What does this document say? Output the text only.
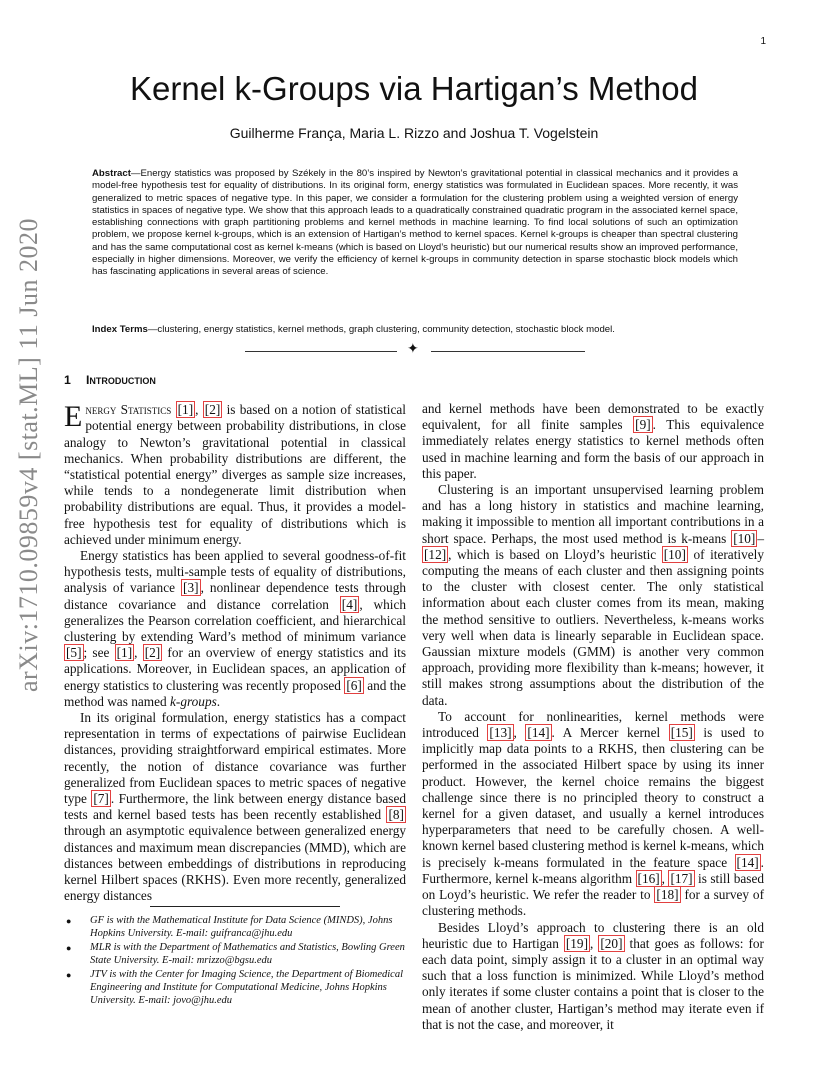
1
arXiv:1710.09859v4 [stat.ML] 11 Jun 2020
Kernel k-Groups via Hartigan’s Method
Guilherme França, Maria L. Rizzo and Joshua T. Vogelstein
Abstract—Energy statistics was proposed by Székely in the 80’s inspired by Newton’s gravitational potential in classical mechanics and it provides a model-free hypothesis test for equality of distributions. In its original form, energy statistics was formulated in Euclidean spaces. More recently, it was generalized to metric spaces of negative type. In this paper, we consider a formulation for the clustering problem using a weighted version of energy statistics in spaces of negative type. We show that this approach leads to a quadratically constrained quadratic program in the associated kernel space, establishing connections with graph partitioning problems and kernel methods in machine learning. To find local solutions of such an optimization problem, we propose kernel k-groups, which is an extension of Hartigan’s method to kernel spaces. Kernel k-groups is cheaper than spectral clustering and has the same computational cost as kernel k-means (which is based on Lloyd’s heuristic) but our numerical results show an improved performance, especially in higher dimensions. Moreover, we verify the efficiency of kernel k-groups in community detection in sparse stochastic block models which has fascinating applications in several areas of science.
Index Terms—clustering, energy statistics, kernel methods, graph clustering, community detection, stochastic block model.
✦
1 Introduction

Energy Statistics [1] , [2] is based on a notion of statistical potential energy between probability distributions, in close analogy to Newton’s gravitational potential in classical mechanics. When probability distributions are different, the “statistical potential energy” diverges as sample size increases, while tends to a nondegenerate limit distribution when probability distributions are equal. Thus, it provides a model-free hypothesis test for equality of distributions which is achieved under minimum energy.

Energy statistics has been applied to several goodness-of-fit hypothesis tests, multi-sample tests of equality of distributions, analysis of variance [3] , nonlinear dependence tests through distance covariance and distance correlation [4] , which generalizes the Pearson correlation coefficient, and hierarchical clustering by extending Ward’s method of minimum variance [5] ; see [1] , [2] for an overview of energy statistics and its applications. Moreover, in Euclidean spaces, an application of energy statistics to clustering was recently proposed [6] and the method was named k-groups.

In its original formulation, energy statistics has a compact representation in terms of expectations of pairwise Euclidean distances, providing straightforward empirical estimates. More recently, the notion of distance covariance was further generalized from Euclidean spaces to metric spaces of negative type [7] . Furthermore, the link between energy distance based tests and kernel based tests has been recently established [8] through an asymptotic equivalence between generalized energy distances and maximum mean discrepancies (MMD), which are distances between embeddings of distributions in reproducing kernel Hilbert spaces (RKHS). Even more recently, generalized energy distances

and kernel methods have been demonstrated to be exactly equivalent, for all finite samples [9] . This equivalence immediately relates energy statistics to kernel methods often used in machine learning and form the basis of our approach in this paper.

Clustering is an important unsupervised learning problem and has a long history in statistics and machine learning, making it impossible to mention all important contributions in a short space. Perhaps, the most used method is k-means [10] –[12] , which is based on Lloyd’s heuristic [10] of iteratively computing the means of each cluster and then assigning points to the cluster with closest center. The only statistical information about each cluster comes from its mean, making the method sensitive to outliers. Nevertheless, k-means works very well when data is linearly separable in Euclidean space. Gaussian mixture models (GMM) is another very common approach, providing more flexibility than k-means; however, it still makes strong assumptions about the distribution of the data.

To account for nonlinearities, kernel methods were introduced [13] , [14] . A Mercer kernel [15] is used to implicitly map data points to a RKHS, then clustering can be performed in the associated Hilbert space by using its inner product. However, the kernel choice remains the biggest challenge since there is no principled theory to construct a kernel for a given dataset, and usually a kernel introduces hyperparameters that need to be carefully chosen. A well-known kernel based clustering method is kernel k-means, which is precisely k-means formulated in the feature space [14] . Furthermore, kernel k-means algorithm [16] , [17] is still based on Loyd’s heuristic. We refer the reader to [18] for a survey of clustering methods.

Besides Lloyd’s approach to clustering there is an old heuristic due to Hartigan [19] , [20] that goes as follows: for each data point, simply assign it to a cluster in an optimal way such that a loss function is minimized. While Lloyd’s method only iterates if some cluster contains a point that is closer to the mean of another cluster, Hartigan’s method may iterate even if that is not the case, and moreover, it

● GF is with the Mathematical Institute for Data Science (MINDS), Johns Hopkins University. E-mail: guifranca@jhu.edu
● MLR is with the Department of Mathematics and Statistics, Bowling Green State University. E-mail: mrizzo@bgsu.edu
● JTV is with the Center for Imaging Science, the Department of Biomedical Engineering and Institute for Computational Medicine, Johns Hopkins University. E-mail: jovo@jhu.edu
